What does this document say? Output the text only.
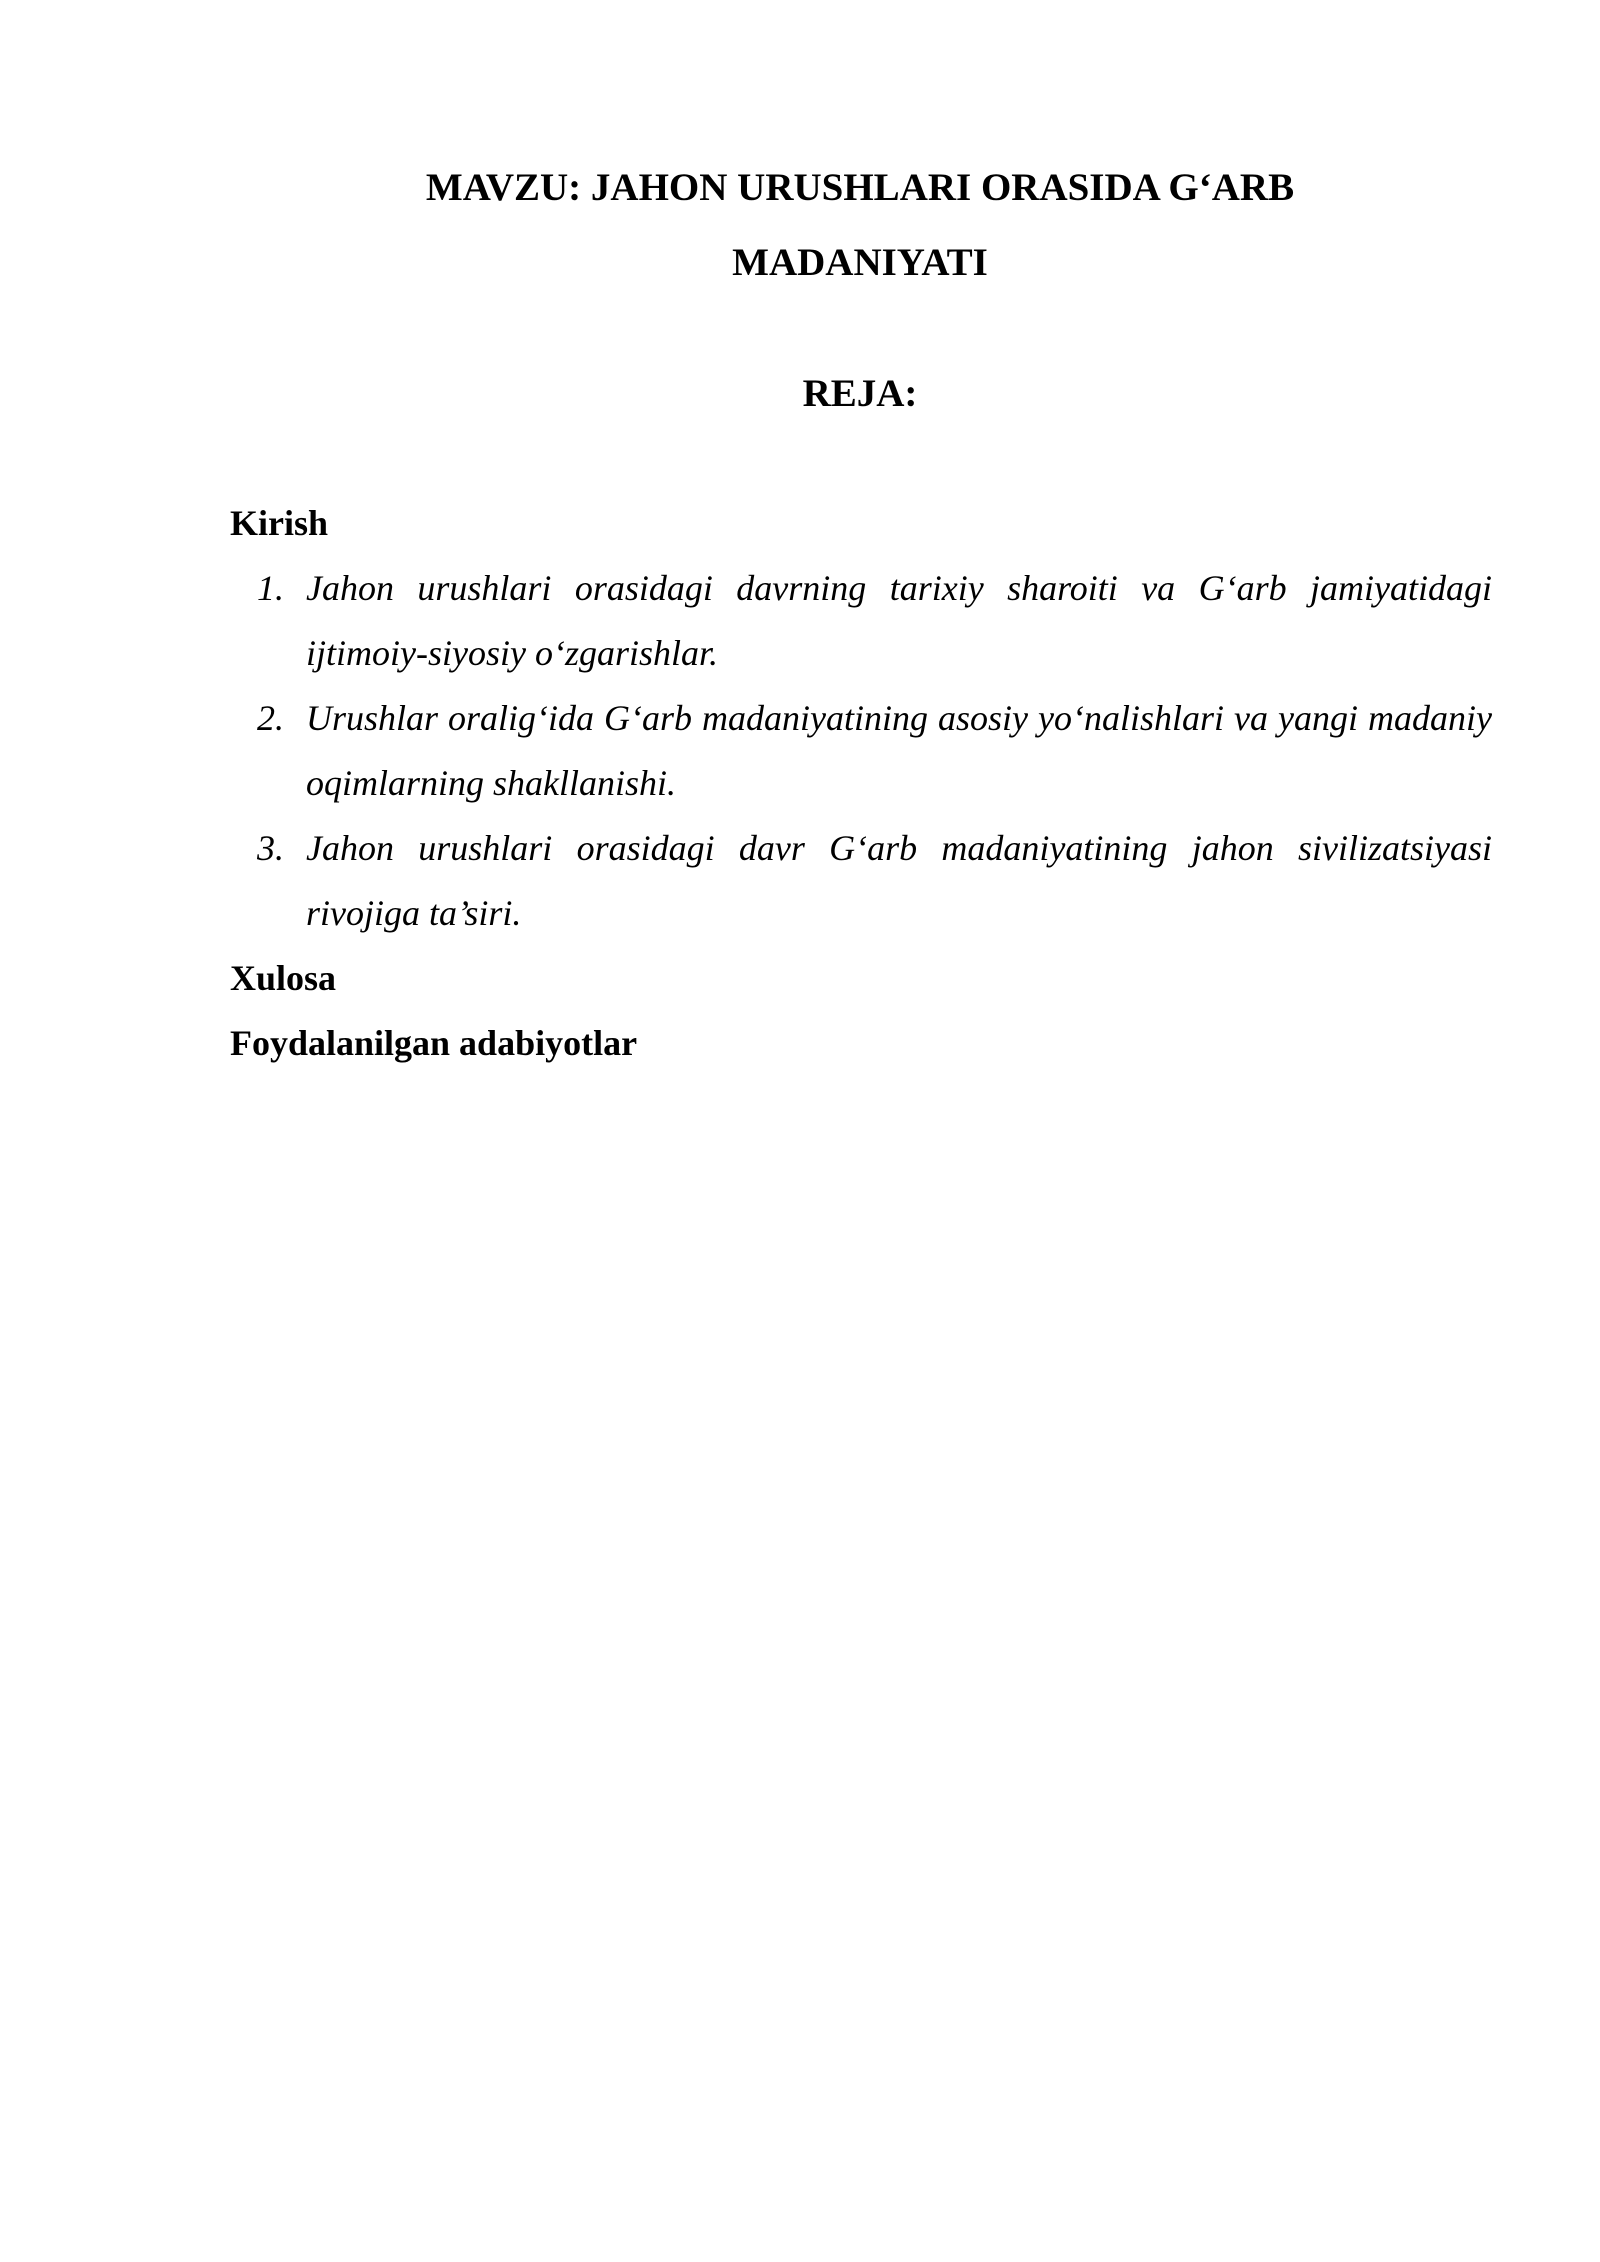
MAVZU: JAHON URUSHLARI ORASIDA G‘ARB
MADANIYATI
REJA:

Kirish

1. Jahon urushlari orasidagi davrning tarixiy sharoiti va G‘arb jamiyatidagi ijtimoiy-siyosiy o‘zgarishlar.
2. Urushlar oralig‘ida G‘arb madaniyatining asosiy yo‘nalishlari va yangi madaniy oqimlarning shakllanishi.
3. Jahon urushlari orasidagi davr G‘arb madaniyatining jahon sivilizatsiyasi rivojiga ta’siri.

Xulosa

Foydalanilgan adabiyotlar
